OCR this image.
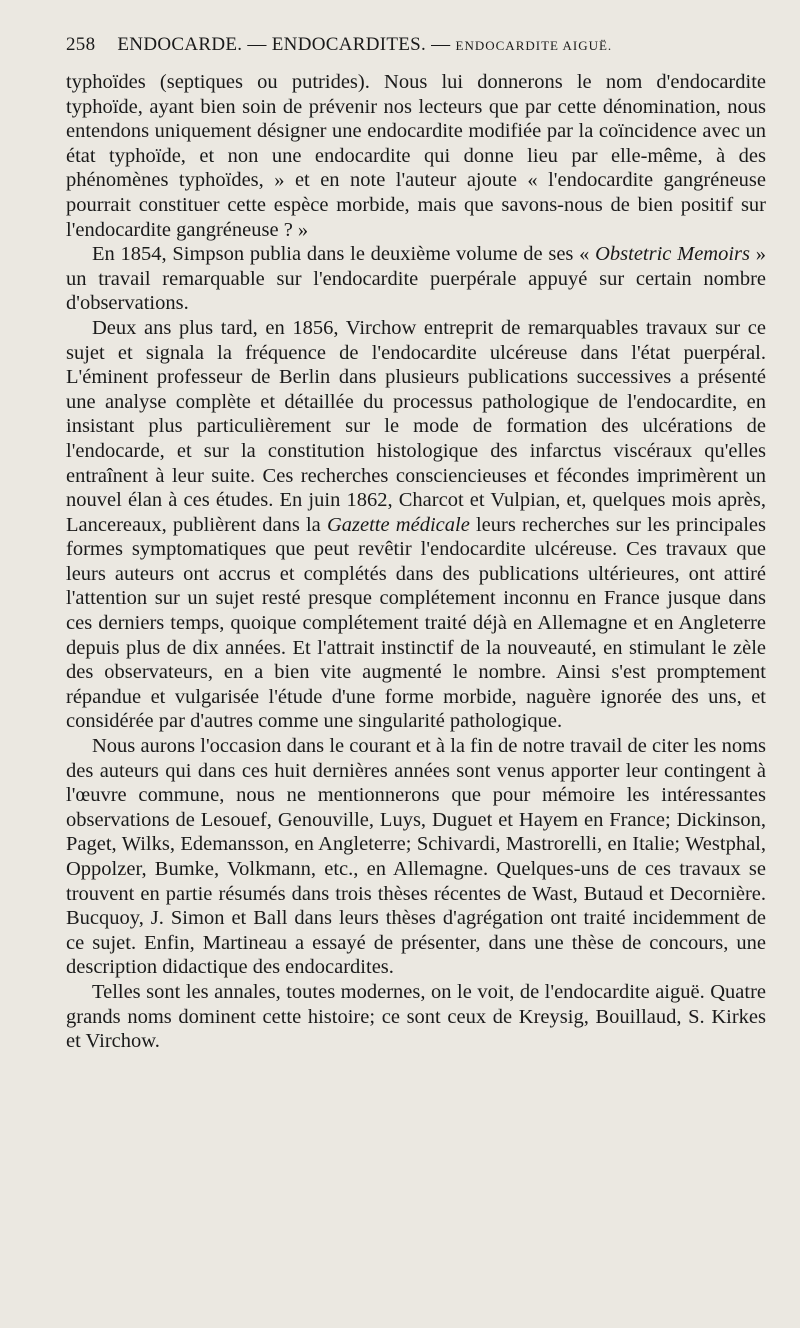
258 ENDOCARDE.
—
ENDOCARDITES.
—
ENDOCARDITE AIGUË.

typhoïdes (septiques ou putrides). Nous lui donnerons le nom d'endocardite typhoïde, ayant bien soin de prévenir nos lecteurs que par cette dénomination, nous entendons uniquement désigner une endocardite modifiée par la coïncidence avec un état typhoïde, et non une endocardite qui donne lieu par elle-même, à des phénomènes typhoïdes, » et en note l'auteur ajoute « l'endocardite gangréneuse pourrait constituer cette espèce morbide, mais que savons-nous de bien positif sur l'endocardite gangréneuse ? »

En 1854, Simpson publia dans le deuxième volume de ses « Obstetric Memoirs » un travail remarquable sur l'endocardite puerpérale appuyé sur certain nombre d'observations.

Deux ans plus tard, en 1856, Virchow entreprit de remarquables travaux sur ce sujet et signala la fréquence de l'endocardite ulcéreuse dans l'état puerpéral. L'éminent professeur de Berlin dans plusieurs publications successives a présenté une analyse complète et détaillée du processus pathologique de l'endocardite, en insistant plus particulièrement sur le mode de formation des ulcérations de l'endocarde, et sur la constitution histologique des infarctus viscéraux qu'elles entraînent à leur suite. Ces recherches consciencieuses et fécondes imprimèrent un nouvel élan à ces études. En juin 1862, Charcot et Vulpian, et, quelques mois après, Lancereaux, publièrent dans la Gazette médicale leurs recherches sur les principales formes symptomatiques que peut revêtir l'endocardite ulcéreuse. Ces travaux que leurs auteurs ont accrus et complétés dans des publications ultérieures, ont attiré l'attention sur un sujet resté presque complétement inconnu en France jusque dans ces derniers temps, quoique complétement traité déjà en Allemagne et en Angleterre depuis plus de dix années. Et l'attrait instinctif de la nouveauté, en stimulant le zèle des observateurs, en a bien vite augmenté le nombre. Ainsi s'est promptement répandue et vulgarisée l'étude d'une forme morbide, naguère ignorée des uns, et considérée par d'autres comme une singularité pathologique.

Nous aurons l'occasion dans le courant et à la fin de notre travail de citer les noms des auteurs qui dans ces huit dernières années sont venus apporter leur contingent à l'œuvre commune, nous ne mentionnerons que pour mémoire les intéressantes observations de Lesouef, Genouville, Luys, Duguet et Hayem en France; Dickinson, Paget, Wilks, Edemansson, en Angleterre; Schivardi, Mastrorelli, en Italie; Westphal, Oppolzer, Bumke, Volkmann, etc., en Allemagne. Quelques-uns de ces travaux se trouvent en partie résumés dans trois thèses récentes de Wast, Butaud et Decornière. Bucquoy, J. Simon et Ball dans leurs thèses d'agrégation ont traité incidemment de ce sujet. Enfin, Martineau a essayé de présenter, dans une thèse de concours, une description didactique des endocardites.

Telles sont les annales, toutes modernes, on le voit, de l'endocardite aiguë. Quatre grands noms dominent cette histoire; ce sont ceux de Kreysig, Bouillaud, S. Kirkes et Virchow.
